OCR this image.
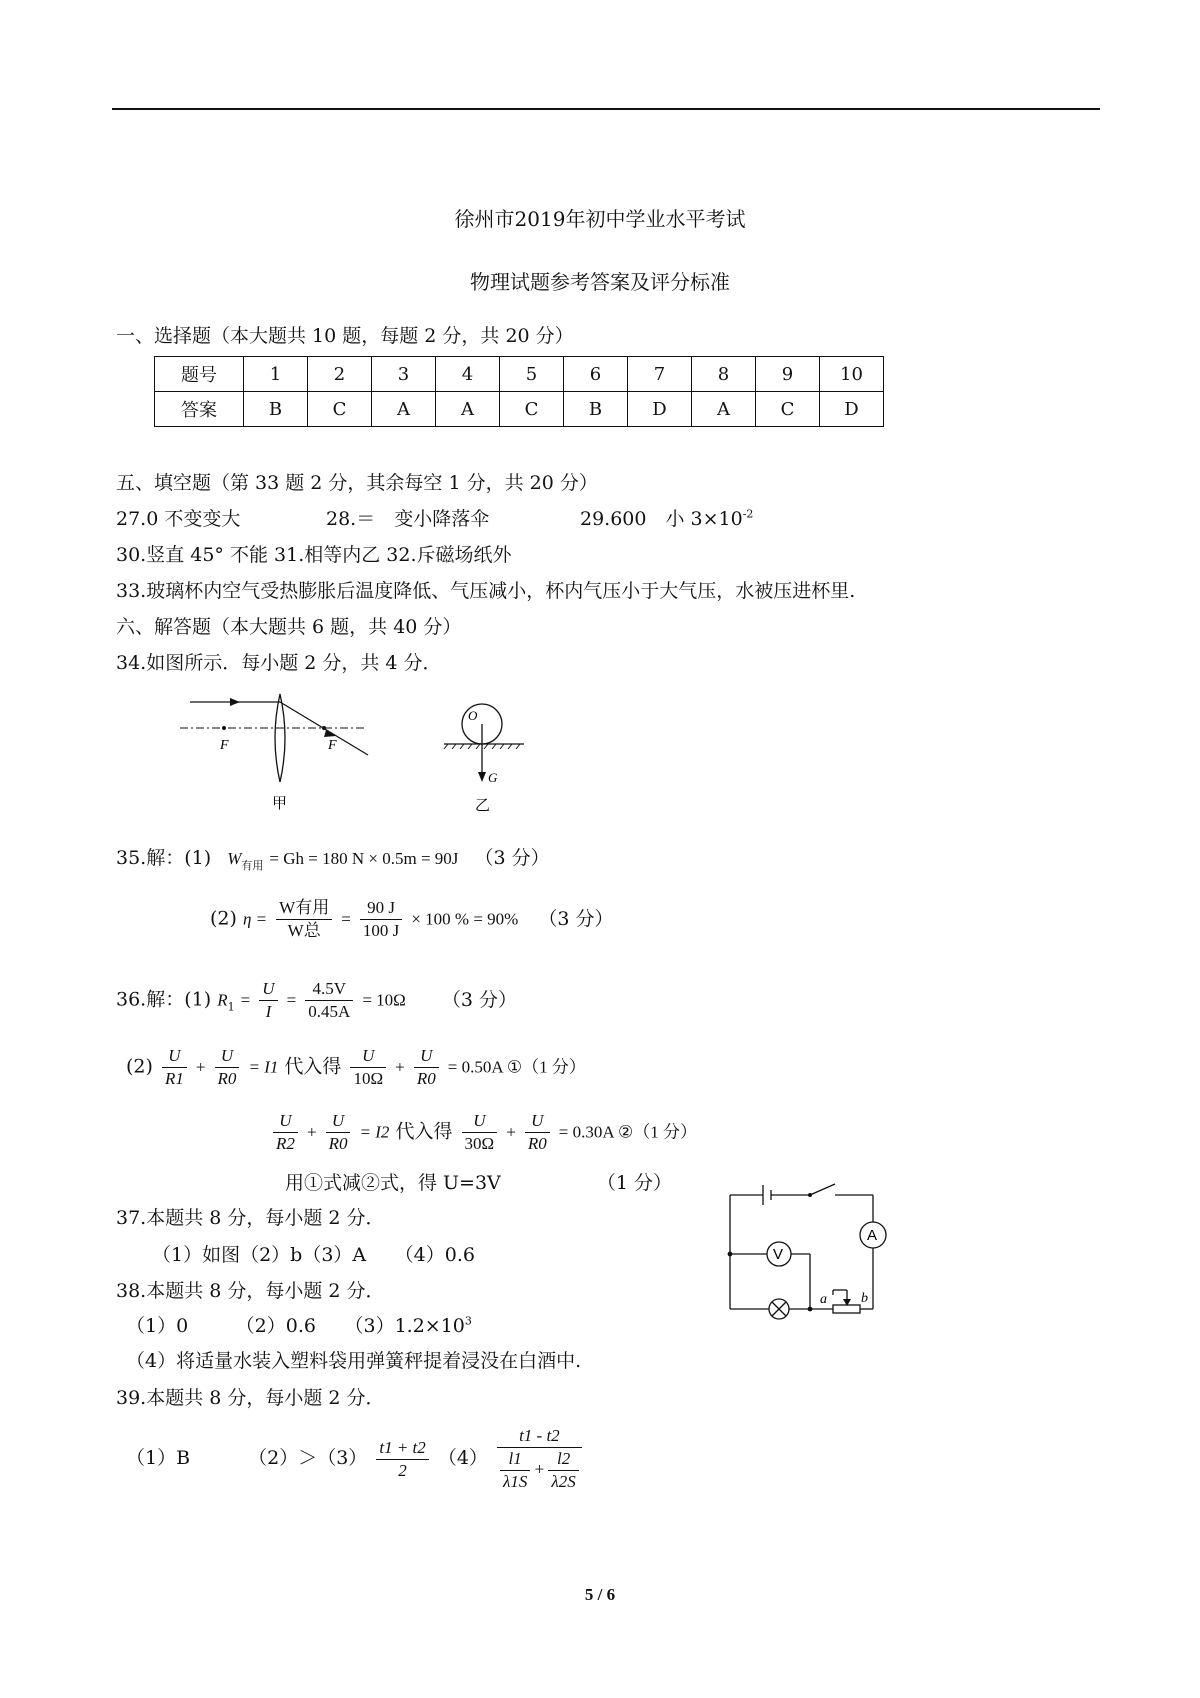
徐州市2019年初中学业水平考试
物理试题参考答案及评分标准
一、选择题（本大题共 10 题，每题 2 分，共 20 分）
题号	1	2	3	4	5	6	7	8	9	10
答案	B	C	A	A	C	B	D	A	C	D
五、填空题（第 33 题 2 分，其余每空 1 分，共 20 分）
27.0 不变变大	28.＝　变小降落伞	29.600　小 $3\times 10^{-2}$
30.竖直 45° 不能 31.相等内乙 32.斥磁场纸外
33.玻璃杯内空气受热膨胀后温度降低、气压减小，杯内气压小于大气压，水被压进杯里.
六、解答题（本大题共 6 题，共 40 分）
34.如图所示．每小题 2 分，共 4 分．
F	F
甲
O
G
乙
35.解：(1) $W_{有用} = Gh = 180$ N × 0.5m = 90J （3 分）
(2) $\eta = \frac{\text{W有用}}{\text{W总}} = \frac{90 J}{100 J} \times 100$ % = 90% （3 分）
36.解：(1) $R_1 = \frac{U}{I} = \frac{4.5V}{0.45A} = 10\Omega$ （3 分）
$(2) \frac{U}{R1} + \frac{U}{R0} = I1$ 代入得 $\frac{U}{10\Omega} + \frac{U}{R0} = 0.50A$ ①（1 分）
$\frac{U}{R2} + \frac{U}{R0} = I2$ 代入得 $\frac{U}{30\Omega} + \frac{U}{R0} = 0.30A$ ②（1 分）
用①式减②式，得 U=3V	（1 分）
37.本题共 8 分，每小题 2 分．
（1）如图（2）b（3）A　　（4）0.6
38.本题共 8 分，每小题 2 分．
（1）0　　　（2）0.6　　$(3)1.2\times 10^3$
（4）将适量水装入塑料袋用弹簧秤提着浸没在白酒中.
39.本题共 8 分，每小题 2 分．
（1）B	$(2)>(3) \frac{t1 + t2}{2} (4) \frac{t1 - t2}{\frac{l1}{\lambda 1S} + \frac{l2}{\lambda 2S}}$
A
V
a b
5 / 6
